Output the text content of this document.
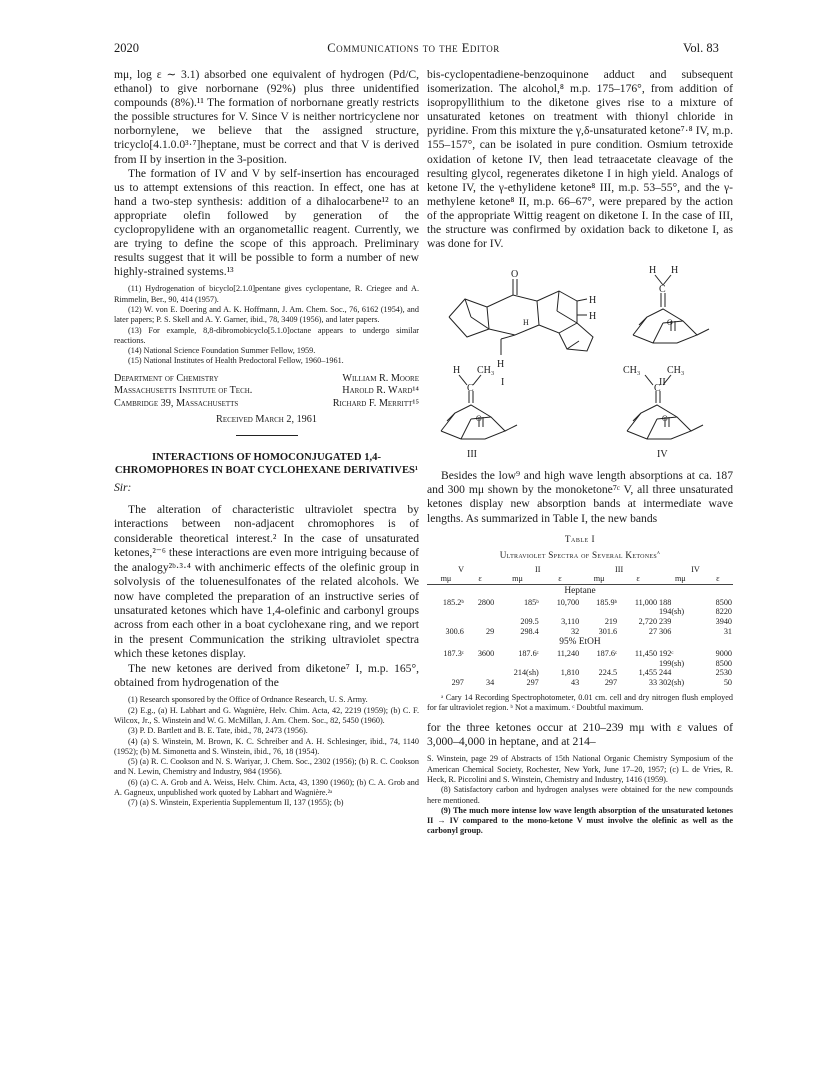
2020	Communications to the Editor	Vol. 83

mμ, log ε ∼ 3.1) absorbed one equivalent of hydrogen (Pd/C, ethanol) to give norbornane (92%) plus three unidentified compounds (8%).¹¹ The formation of norbornane greatly restricts the possible structures for V. Since V is neither nortricyclene nor norbornylene, we believe that the assigned structure, tricyclo[4.1.0.0³·⁷]heptane, must be correct and that V is derived from II by insertion in the 3-position.

The formation of IV and V by self-insertion has encouraged us to attempt extensions of this reaction. In effect, one has at hand a two-step synthesis: addition of a dihalocarbene¹² to an appropriate olefin followed by generation of the cyclopropylidene with an organometallic reagent. Currently, we are trying to define the scope of this approach. Preliminary results suggest that it will be possible to form a number of new highly-strained systems.¹³

(11) Hydrogenation of bicyclo[2.1.0]pentane gives cyclopentane, R. Criegee and A. Rimmelin, Ber., 90, 414 (1957).

(12) W. von E. Doering and A. K. Hoffmann, J. Am. Chem. Soc., 76, 6162 (1954), and later papers; P. S. Skell and A. Y. Garner, ibid., 78, 3409 (1956), and later papers.

(13) For example, 8,8-dibromobicyclo[5.1.0]octane appears to undergo similar reactions.

(14) National Science Foundation Summer Fellow, 1959.

(15) National Institutes of Health Predoctoral Fellow, 1960–1961.

Department of Chemistry	William R. Moore
Massachusetts Institute of Tech.	Harold R. Ward¹⁴
Cambridge 39, Massachusetts	Richard F. Merritt¹⁵
Received March 2, 1961
INTERACTIONS OF HOMOCONJUGATED 1,4-CHROMOPHORES IN BOAT CYCLOHEXANE DERIVATIVES¹

Sir:

The alteration of characteristic ultraviolet spectra by interactions between non-adjacent chromophores is of considerable theoretical interest.² In the case of unsaturated ketones,²⁻⁶ these interactions are even more intriguing because of the analogy²ᵇ·³·⁴ with anchimeric effects of the olefinic group in solvolysis of the toluenesulfonates of the related alcohols. We now have completed the preparation of an instructive series of unsaturated ketones which have 1,4-olefinic and carbonyl groups across from each other in a boat cyclohexane ring, and we report in the present Communication the striking ultraviolet spectra which these ketones display.

The new ketones are derived from diketone⁷ I, m.p. 165°, obtained from hydrogenation of the

(1) Research sponsored by the Office of Ordnance Research, U. S. Army.

(2) E.g., (a) H. Labhart and G. Wagnière, Helv. Chim. Acta, 42, 2219 (1959); (b) C. F. Wilcox, Jr., S. Winstein and W. G. McMillan, J. Am. Chem. Soc., 82, 5450 (1960).

(3) P. D. Bartlett and B. E. Tate, ibid., 78, 2473 (1956).

(4) (a) S. Winstein, M. Brown, K. C. Schreiber and A. H. Schlesinger, ibid., 74, 1140 (1952); (b) M. Simonetta and S. Winstein, ibid., 76, 18 (1954).

(5) (a) R. C. Cookson and N. S. Wariyar, J. Chem. Soc., 2302 (1956); (b) R. C. Cookson and N. Lewin, Chemistry and Industry, 984 (1956).

(6) (a) C. A. Grob and A. Weiss, Helv. Chim. Acta, 43, 1390 (1960); (b) C. A. Grob and A. Gagneux, unpublished work quoted by Labhart and Wagnière.²ᵃ

(7) (a) S. Winstein, Experientia Supplementum II, 137 (1955); (b)

bis-cyclopentadiene-benzoquinone adduct and subsequent isomerization. The alcohol,⁸ m.p. 175–176°, from addition of isopropyllithium to the diketone gives rise to a mixture of unsaturated ketones on treatment with thionyl chloride in pyridine. From this mixture the γ,δ-unsaturated ketone⁷·⁸ IV, m.p. 155–157°, can be isolated in pure condition. Osmium tetroxide oxidation of ketone IV, then lead tetraacetate cleavage of the resulting glycol, regenerates diketone I in high yield. Analogs of ketone IV, the γ-ethylidene ketone⁸ III, m.p. 53–55°, and the γ-methylene ketone⁸ II, m.p. 66–67°, were prepared by the action of the appropriate Wittig reagent on diketone I. In the case of III, the structure was confirmed by oxidation back to diketone I, as was done for IV.

O
H
H
H
H
I
H H
C
O
II
H CH₃
C
O
III
CH₃	CH₃
C
O
IV

Besides the low⁹ and high wave length absorptions at ca. 187 and 300 mμ shown by the monoketone⁷ᶜ V, all three unsaturated ketones display new absorption bands at intermediate wave lengths. As summarized in Table I, the new bands

Table I
Ultraviolet Spectra of Several Ketones$^a$
V		II		III		IV	
mμ	ε	mμ	ε	mμ	ε	mμ	ε
Heptane							
185.2ᵇ	2800	185ᵇ	10,700	185.9ᵇ	11,000	188	8500
						194(sh)	8220
		209.5	3,110	219	2,720	239	3940
300.6	29	298.4	32	301.6	27	306	31
95% EtOH							
187.3ᶜ	3600	187.6ᶜ	11,240	187.6ᶜ	11,450	192ᶜ	9000
						199(sh)	8500
		214(sh)	1,810	224.5	1,455	244	2530
297	34	297	43	297	33	302(sh)	50

ᵃ Cary 14 Recording Spectrophotometer, 0.01 cm. cell and dry nitrogen flush employed for far ultraviolet region. ᵇ Not a maximum. ᶜ Doubtful maximum.

for the three ketones occur at 210–239 mμ with ε values of 3,000–4,000 in heptane, and at 214–

S. Winstein, page 29 of Abstracts of 15th National Organic Chemistry Symposium of the American Chemical Society, Rochester, New York, June 17–20, 1957; (c) L. de Vries, R. Heck, R. Piccolini and S. Winstein, Chemistry and Industry, 1416 (1959).

(8) Satisfactory carbon and hydrogen analyses were obtained for the new compounds here mentioned.

(9) The much more intense low wave length absorption of the unsaturated ketones II → IV compared to the mono-ketone V must involve the olefinic as well as the carbonyl group.
